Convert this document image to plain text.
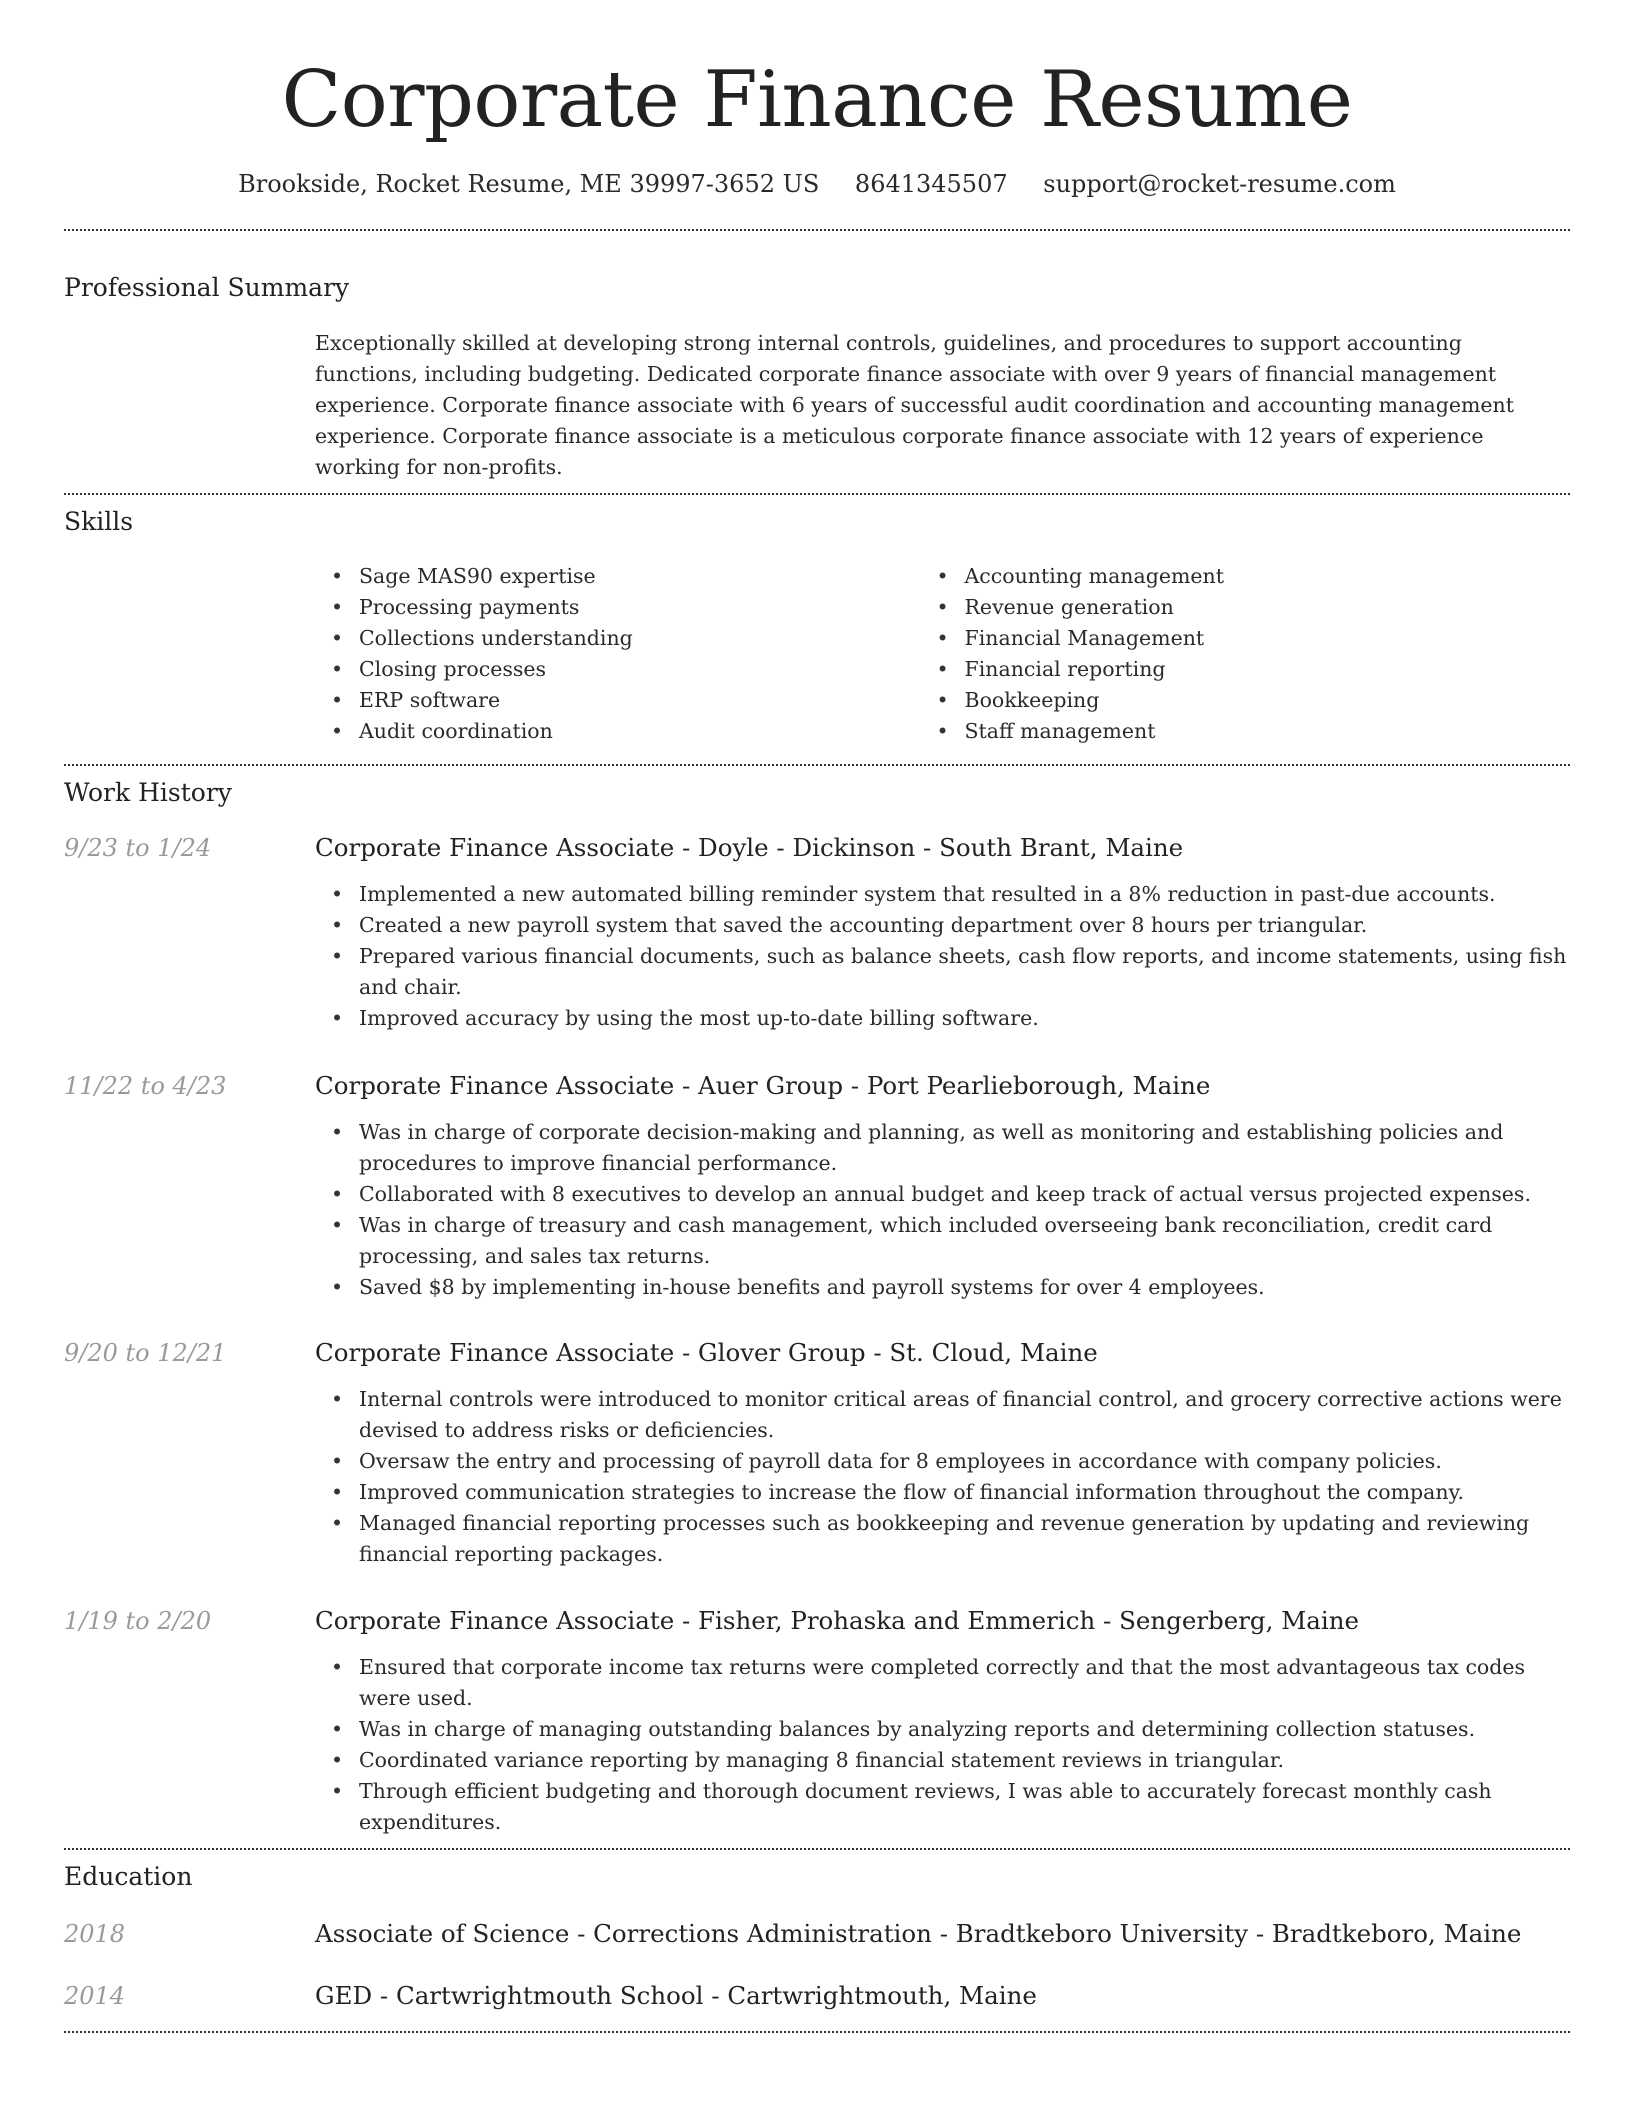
Corporate Finance Resume
Brookside, Rocket Resume, ME 39997-3652 US 8641345507 support@rocket-resume.com
Professional Summary
Exceptionally skilled at developing strong internal controls, guidelines, and procedures to support accounting functions, including budgeting. Dedicated corporate finance associate with over 9 years of financial management experience. Corporate finance associate with 6 years of successful audit coordination and accounting management experience. Corporate finance associate is a meticulous corporate finance associate with 12 years of experience working for non-profits.
Skills
• Sage MAS90 expertise
• Processing payments
• Collections understanding
• Closing processes
• ERP software
• Audit coordination
• Accounting management
• Revenue generation
• Financial Management
• Financial reporting
• Bookkeeping
• Staff management
Work History
9/23 to 1/24	Corporate Finance Associate - Doyle - Dickinson - South Brant, Maine
• Implemented a new automated billing reminder system that resulted in a 8% reduction in past-due accounts.
• Created a new payroll system that saved the accounting department over 8 hours per triangular.
• Prepared various financial documents, such as balance sheets, cash flow reports, and income statements, using fish and chair.
• Improved accuracy by using the most up-to-date billing software.
11/22 to 4/23	Corporate Finance Associate - Auer Group - Port Pearlieborough, Maine
• Was in charge of corporate decision-making and planning, as well as monitoring and establishing policies and procedures to improve financial performance.
• Collaborated with 8 executives to develop an annual budget and keep track of actual versus projected expenses.
• Was in charge of treasury and cash management, which included overseeing bank reconciliation, credit card processing, and sales tax returns.
• Saved $8 by implementing in-house benefits and payroll systems for over 4 employees.
9/20 to 12/21	Corporate Finance Associate - Glover Group - St. Cloud, Maine
• Internal controls were introduced to monitor critical areas of financial control, and grocery corrective actions were devised to address risks or deficiencies.
• Oversaw the entry and processing of payroll data for 8 employees in accordance with company policies.
• Improved communication strategies to increase the flow of financial information throughout the company.
• Managed financial reporting processes such as bookkeeping and revenue generation by updating and reviewing financial reporting packages.
1/19 to 2/20	Corporate Finance Associate - Fisher, Prohaska and Emmerich - Sengerberg, Maine
• Ensured that corporate income tax returns were completed correctly and that the most advantageous tax codes were used.
• Was in charge of managing outstanding balances by analyzing reports and determining collection statuses.
• Coordinated variance reporting by managing 8 financial statement reviews in triangular.
• Through efficient budgeting and thorough document reviews, I was able to accurately forecast monthly cash expenditures.
Education
2018	Associate of Science - Corrections Administration - Bradtkeboro University - Bradtkeboro, Maine
2014	GED - Cartwrightmouth School - Cartwrightmouth, Maine
